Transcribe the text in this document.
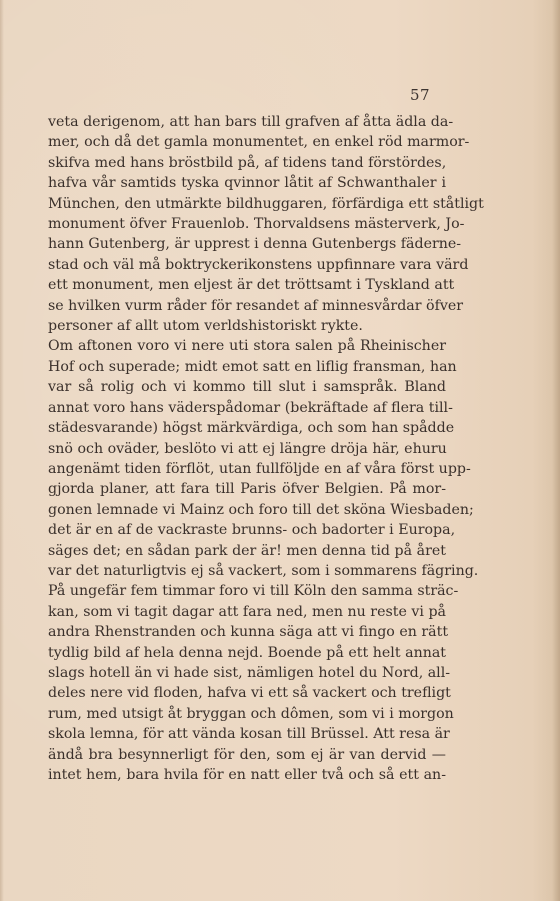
57
veta derigenom, att han bars till grafven af åtta ädla da-
mer, och då det gamla monumentet, en enkel röd marmor-
skifva med hans bröstbild på, af tidens tand förstördes,
hafva vår samtids tyska qvinnor låtit af Schwanthaler i
München, den utmärkte bildhuggaren, förfärdiga ett ståtligt
monument öfver Frauenlob. Thorvaldsens mästerverk, Jo-
hann Gutenberg, är upprest i denna Gutenbergs fäderne-
stad och väl må boktryckerikonstens uppfinnare vara värd
ett monument, men eljest är det tröttsamt i Tyskland att
se hvilken vurm råder för resandet af minnesvårdar öfver
personer af allt utom verldshistoriskt rykte.
Om aftonen voro vi nere uti stora salen på Rheinischer
Hof och superade; midt emot satt en liflig fransman, han
var så rolig och vi kommo till slut i samspråk. Bland
annat voro hans väderspådomar (bekräftade af flera till-
städesvarande) högst märkvärdiga, och som han spådde
snö och oväder, beslöto vi att ej längre dröja här, ehuru
angenämt tiden förflöt, utan fullföljde en af våra först upp-
gjorda planer, att fara till Paris öfver Belgien. På mor-
gonen lemnade vi Mainz och foro till det sköna Wiesbaden;
det är en af de vackraste brunns- och badorter i Europa,
säges det; en sådan park der är! men denna tid på året
var det naturligtvis ej så vackert, som i sommarens fägring.
På ungefär fem timmar foro vi till Köln den samma sträc-
kan, som vi tagit dagar att fara ned, men nu reste vi på
andra Rhenstranden och kunna säga att vi fingo en rätt
tydlig bild af hela denna nejd. Boende på ett helt annat
slags hotell än vi hade sist, nämligen hotel du Nord, all-
deles nere vid floden, hafva vi ett så vackert och trefligt
rum, med utsigt åt bryggan och dômen, som vi i morgon
skola lemna, för att vända kosan till Brüssel. Att resa är
ändå bra besynnerligt för den, som ej är van dervid —
intet hem, bara hvila för en natt eller två och så ett an-
